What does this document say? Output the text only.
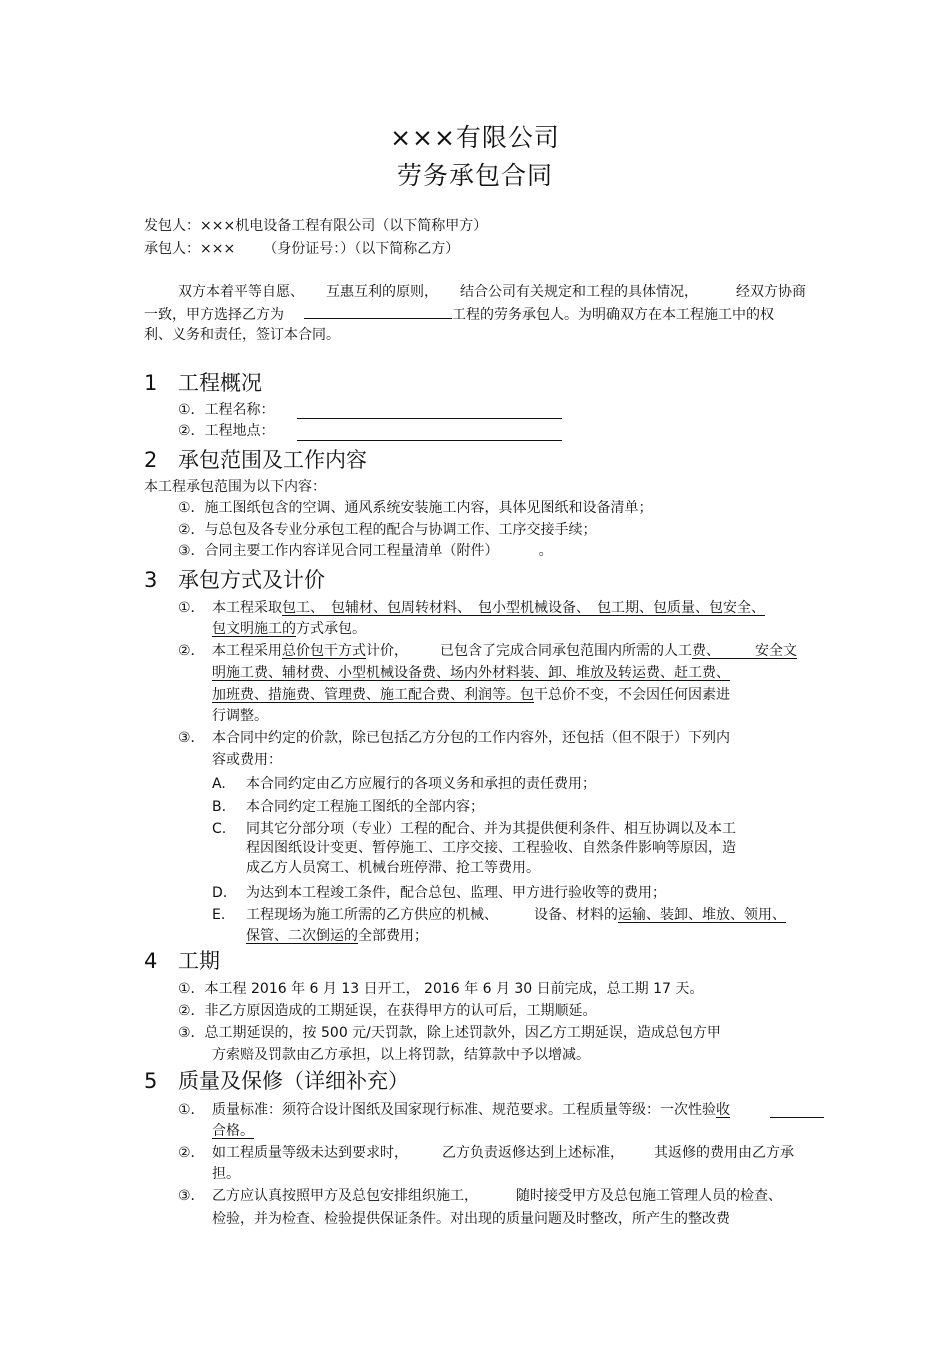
×××有限公司
劳务承包合同
发包人：×××机电设备工程有限公司（以下简称甲方）
承包人：××× （身份证号：）（以下简称乙方）
双方本着平等自愿、 互惠互利的原则， 结合公司有关规定和工程的具体情况，	经双方协商
一致，甲方选择乙方为	工程的劳务承包人。为明确双方在本工程施工中的权
利、义务和责任，签订本合同。
1 工程概况
①．工程名称：
②．工程地点：
2 承包范围及工作内容
本工程承包范围为以下内容：
①．施工图纸包含的空调、通风系统安装施工内容，具体见图纸和设备清单；
②．与总包及各专业分承包工程的配合与协调工作、工序交接手续；
③．合同主要工作内容详见合同工程量清单（附件）	。
3 承包方式及计价
①． 本工程采取包工、　包辅材、包周转材料、　包小型机械设备、　包工期、包质量、包安全、
包文明施工的方式承包。
②． 本工程采用总价包干方式计价， 已包含了完成合同承包范围内所需的人工费、　　　安全文
明施工费、辅材费、小型机械设备费、场内外材料装、卸、堆放及转运费、赶工费、
加班费、措施费、管理费、施工配合费、利润等。包干总价不变，不会因任何因素进
行调整。
③． 本合同中约定的价款，除已包括乙方分包的工作内容外，还包括（但不限于）下列内
容或费用：
A. 本合同约定由乙方应履行的各项义务和承担的责任费用；
B. 本合同约定工程施工图纸的全部内容；
C. 同其它分部分项（专业）工程的配合、并为其提供便利条件、相互协调以及本工
程因图纸设计变更、暂停施工、工序交接、工程验收、自然条件影响等原因，造
成乙方人员窝工、机械台班停滞、抢工等费用。
D. 为达到本工程竣工条件，配合总包、监理、甲方进行验收等的费用；
E. 工程现场为施工所需的乙方供应的机械、	设备、材料的运输、装卸、堆放、领用、
保管、二次倒运的全部费用；
4 工期
①．本工程 2016 年 6 月 13 日开工， 2016 年 6 月 30 日前完成，总工期 17 天。
②．非乙方原因造成的工期延误，在获得甲方的认可后，工期顺延。
③．总工期延误的，按 500 元/天罚款，除上述罚款外，因乙方工期延误，造成总包方甲
方索赔及罚款由乙方承担，以上将罚款，结算款中予以增减。
5 质量及保修（详细补充）
①． 质量标准：须符合设计图纸及国家现行标准、规范要求。工程质量等级：一次性验收
合格。
②． 如工程质量等级未达到要求时， 乙方负责返修达到上述标准， 其返修的费用由乙方承
担。
③． 乙方应认真按照甲方及总包安排组织施工，	随时接受甲方及总包施工管理人员的检查、
检验，并为检查、检验提供保证条件。对出现的质量问题及时整改，所产生的整改费
